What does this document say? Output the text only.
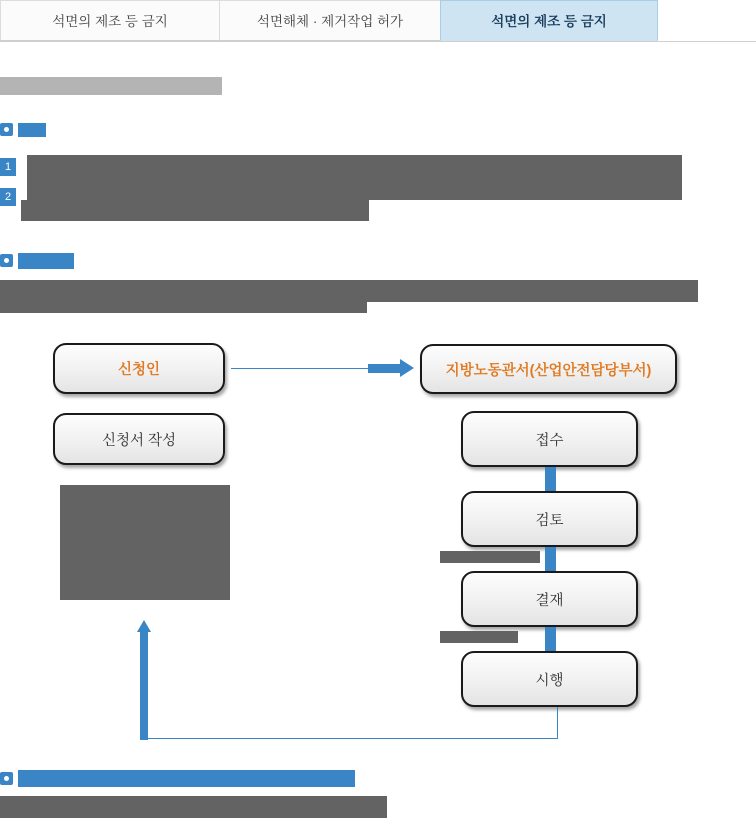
석면의 제조 등 금지	석면해체 · 제거작업 허가	석면의 제조 등 금지
1
2
신청인	지방노동관서(산업안전담당부서)
신청서 작성	접수
검토
결재
시행
